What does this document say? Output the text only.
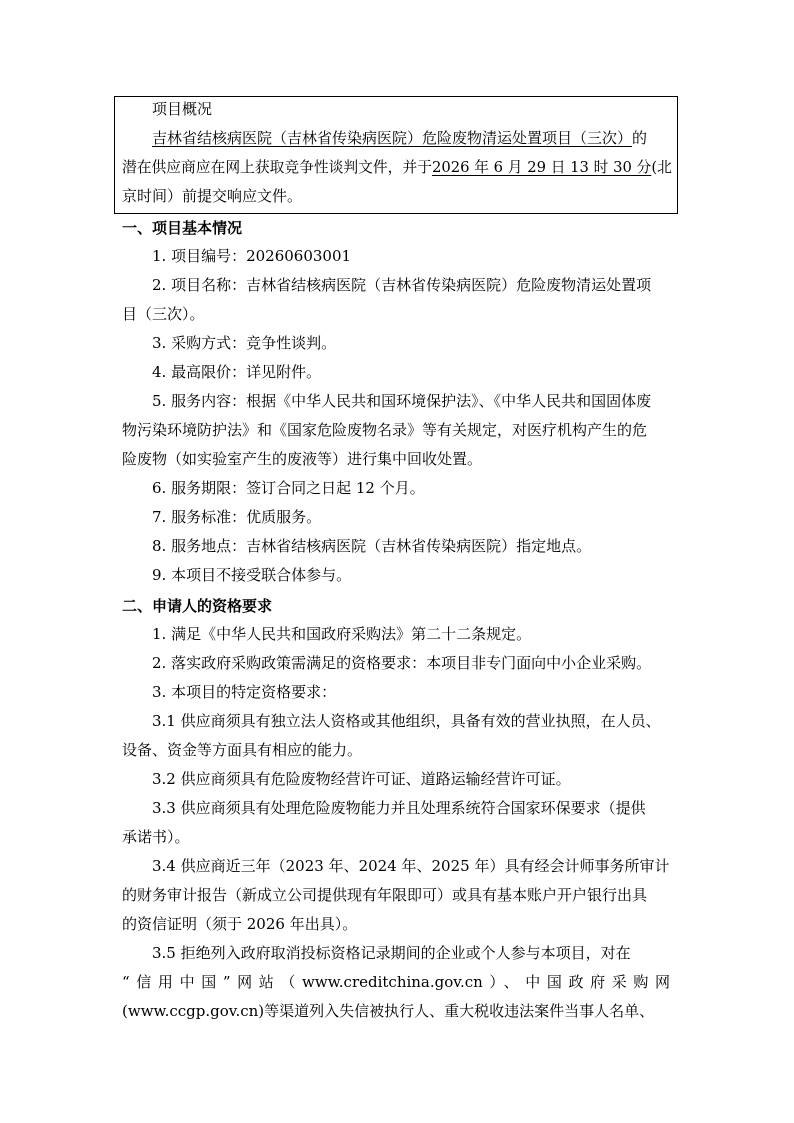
项目概况
吉林省结核病医院（吉林省传染病医院）危险废物清运处置项目（三次）的
潜在供应商应在网上获取竞争性谈判文件，并于2026 年 6 月 29 日 13 时 30 分(北
京时间）前提交响应文件。
一、项目基本情况
1. 项目编号：20260603001
2. 项目名称：吉林省结核病医院（吉林省传染病医院）危险废物清运处置项
目（三次）。
3. 采购方式：竞争性谈判。
4. 最高限价：详见附件。
5. 服务内容：根据《中华人民共和国环境保护法》、《中华人民共和国固体废
物污染环境防护法》和《国家危险废物名录》等有关规定，对医疗机构产生的危
险废物（如实验室产生的废液等）进行集中回收处置。
6. 服务期限：签订合同之日起 12 个月。
7. 服务标准：优质服务。
8. 服务地点：吉林省结核病医院（吉林省传染病医院）指定地点。
9. 本项目不接受联合体参与。
二、申请人的资格要求
1. 满足《中华人民共和国政府采购法》第二十二条规定。
2. 落实政府采购政策需满足的资格要求：本项目非专门面向中小企业采购。
3. 本项目的特定资格要求：
3.1 供应商须具有独立法人资格或其他组织，具备有效的营业执照，在人员、
设备、资金等方面具有相应的能力。
3.2 供应商须具有危险废物经营许可证、道路运输经营许可证。
3.3 供应商须具有处理危险废物能力并且处理系统符合国家环保要求（提供
承诺书）。
3.4 供应商近三年（2023 年、2024 年、2025 年）具有经会计师事务所审计
的财务审计报告（新成立公司提供现有年限即可）或具有基本账户开户银行出具
的资信证明（须于 2026 年出具）。
3.5 拒绝列入政府取消投标资格记录期间的企业或个人参与本项目，对在
“信用中国”网站（www.creditchina.gov.cn）、中国政府采购网
(www.ccgp.gov.cn)等渠道列入失信被执行人、重大税收违法案件当事人名单、
